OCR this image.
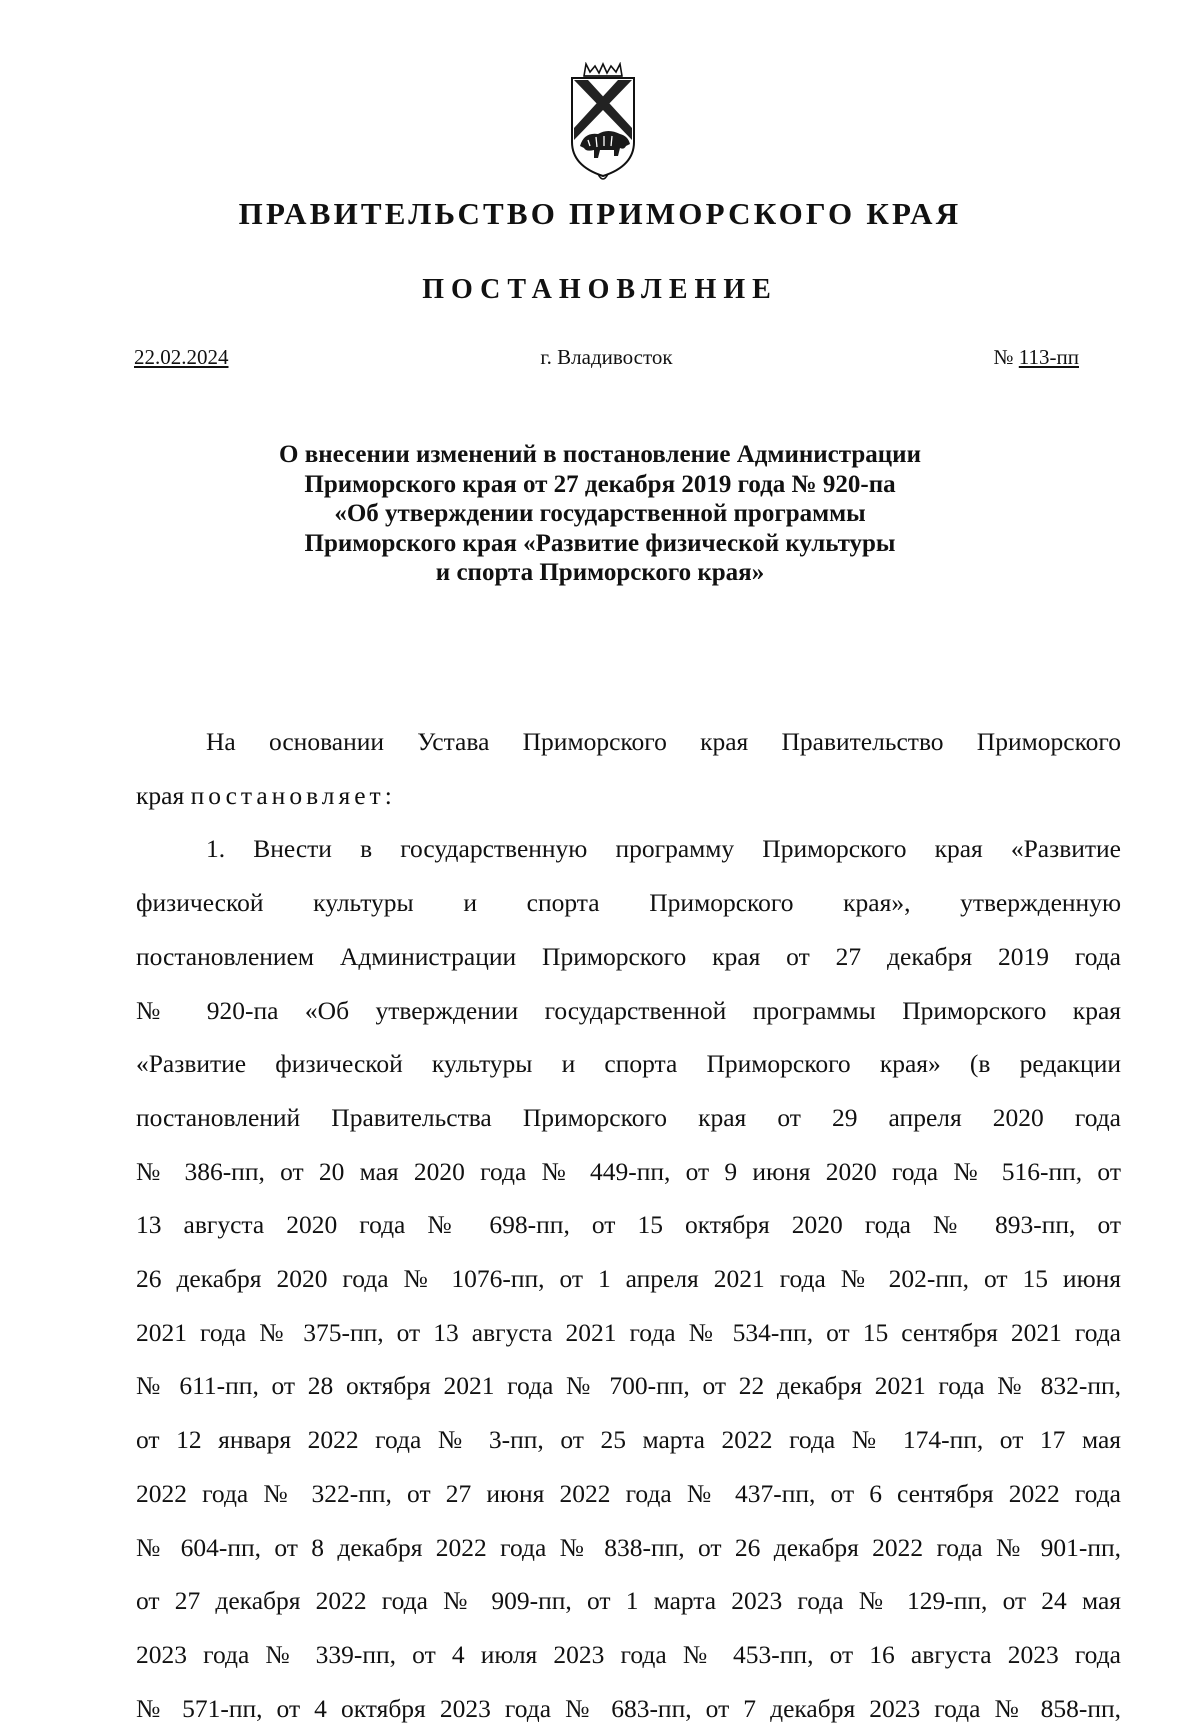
ПРАВИТЕЛЬСТВО ПРИМОРСКОГО КРАЯ
ПОСТАНОВЛЕНИЕ
г. Владивосток
22.02.2024	№ 113-пп
О внесении изменений в постановление Администрации
Приморского края от 27 декабря 2019 года № 920-па
«Об утверждении государственной программы
Приморского края «Развитие физической культуры
и спорта Приморского края»
На основании Устава Приморского края Правительство Приморского
края постановляет:
1. Внести в государственную программу Приморского края «Развитие
физической культуры и спорта Приморского края», утвержденную
постановлением Администрации Приморского края от 27 декабря 2019 года
№ 920-па «Об утверждении государственной программы Приморского края
«Развитие физической культуры и спорта Приморского края» (в редакции
постановлений Правительства Приморского края от 29 апреля 2020 года
№ 386-пп, от 20 мая 2020 года № 449-пп, от 9 июня 2020 года № 516-пп, от
13 августа 2020 года № 698-пп, от 15 октября 2020 года № 893-пп, от
26 декабря 2020 года № 1076-пп, от 1 апреля 2021 года № 202-пп, от 15 июня
2021 года № 375-пп, от 13 августа 2021 года № 534-пп, от 15 сентября 2021 года
№ 611-пп, от 28 октября 2021 года № 700-пп, от 22 декабря 2021 года № 832-пп,
от 12 января 2022 года № 3-пп, от 25 марта 2022 года № 174-пп, от 17 мая
2022 года № 322-пп, от 27 июня 2022 года № 437-пп, от 6 сентября 2022 года
№ 604-пп, от 8 декабря 2022 года № 838-пп, от 26 декабря 2022 года № 901-пп,
от 27 декабря 2022 года № 909-пп, от 1 марта 2023 года № 129-пп, от 24 мая
2023 года № 339-пп, от 4 июля 2023 года № 453-пп, от 16 августа 2023 года
№ 571-пп, от 4 октября 2023 года № 683-пп, от 7 декабря 2023 года № 858-пп,
